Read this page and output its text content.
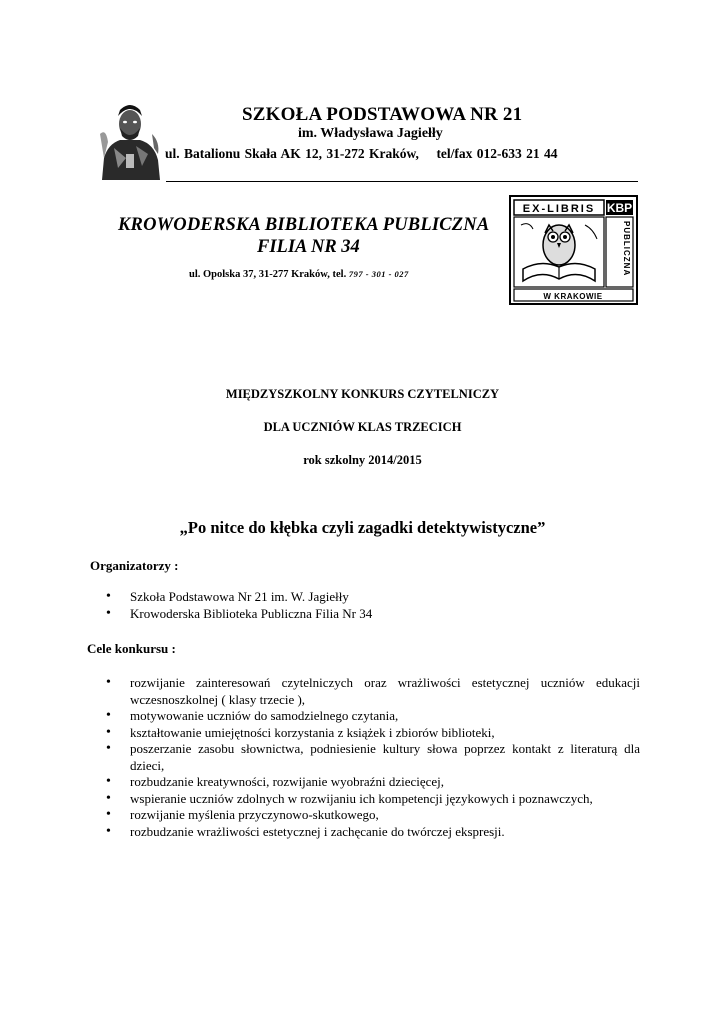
SZKOŁA PODSTAWOWA NR 21
im. Władysława Jagiełły
ul. Batalionu Skała AK 12, 31-272 Kraków, tel/fax 012-633 21 44
KROWODERSKA BIBLIOTEKA PUBLICZNA
FILIA NR 34
ul. Opolska 37, 31-277 Kraków, tel. 797 - 301 - 027
EX-LIBRIS KBP
PUBLICZNA
W KRAKOWIE
MIĘDZYSZKOLNY KONKURS CZYTELNICZY
DLA UCZNIÓW KLAS TRZECICH
rok szkolny 2014/2015
„Po nitce do kłębka czyli zagadki detektywistyczne”
Organizatorzy :
• Szkoła Podstawowa Nr 21 im. W. Jagiełły
• Krowoderska Biblioteka Publiczna Filia Nr 34
Cele konkursu :
• rozwijanie zainteresowań czytelniczych oraz wrażliwości estetycznej uczniów edukacji wczesnoszkolnej ( klasy trzecie ),
• motywowanie uczniów do samodzielnego czytania,
• kształtowanie umiejętności korzystania z książek i zbiorów biblioteki,
• poszerzanie zasobu słownictwa, podniesienie kultury słowa poprzez kontakt z literaturą dla dzieci,
• rozbudzanie kreatywności, rozwijanie wyobraźni dziecięcej,
• wspieranie uczniów zdolnych w rozwijaniu ich kompetencji językowych i poznawczych,
• rozwijanie myślenia przyczynowo-skutkowego,
• rozbudzanie wrażliwości estetycznej i zachęcanie do twórczej ekspresji.
